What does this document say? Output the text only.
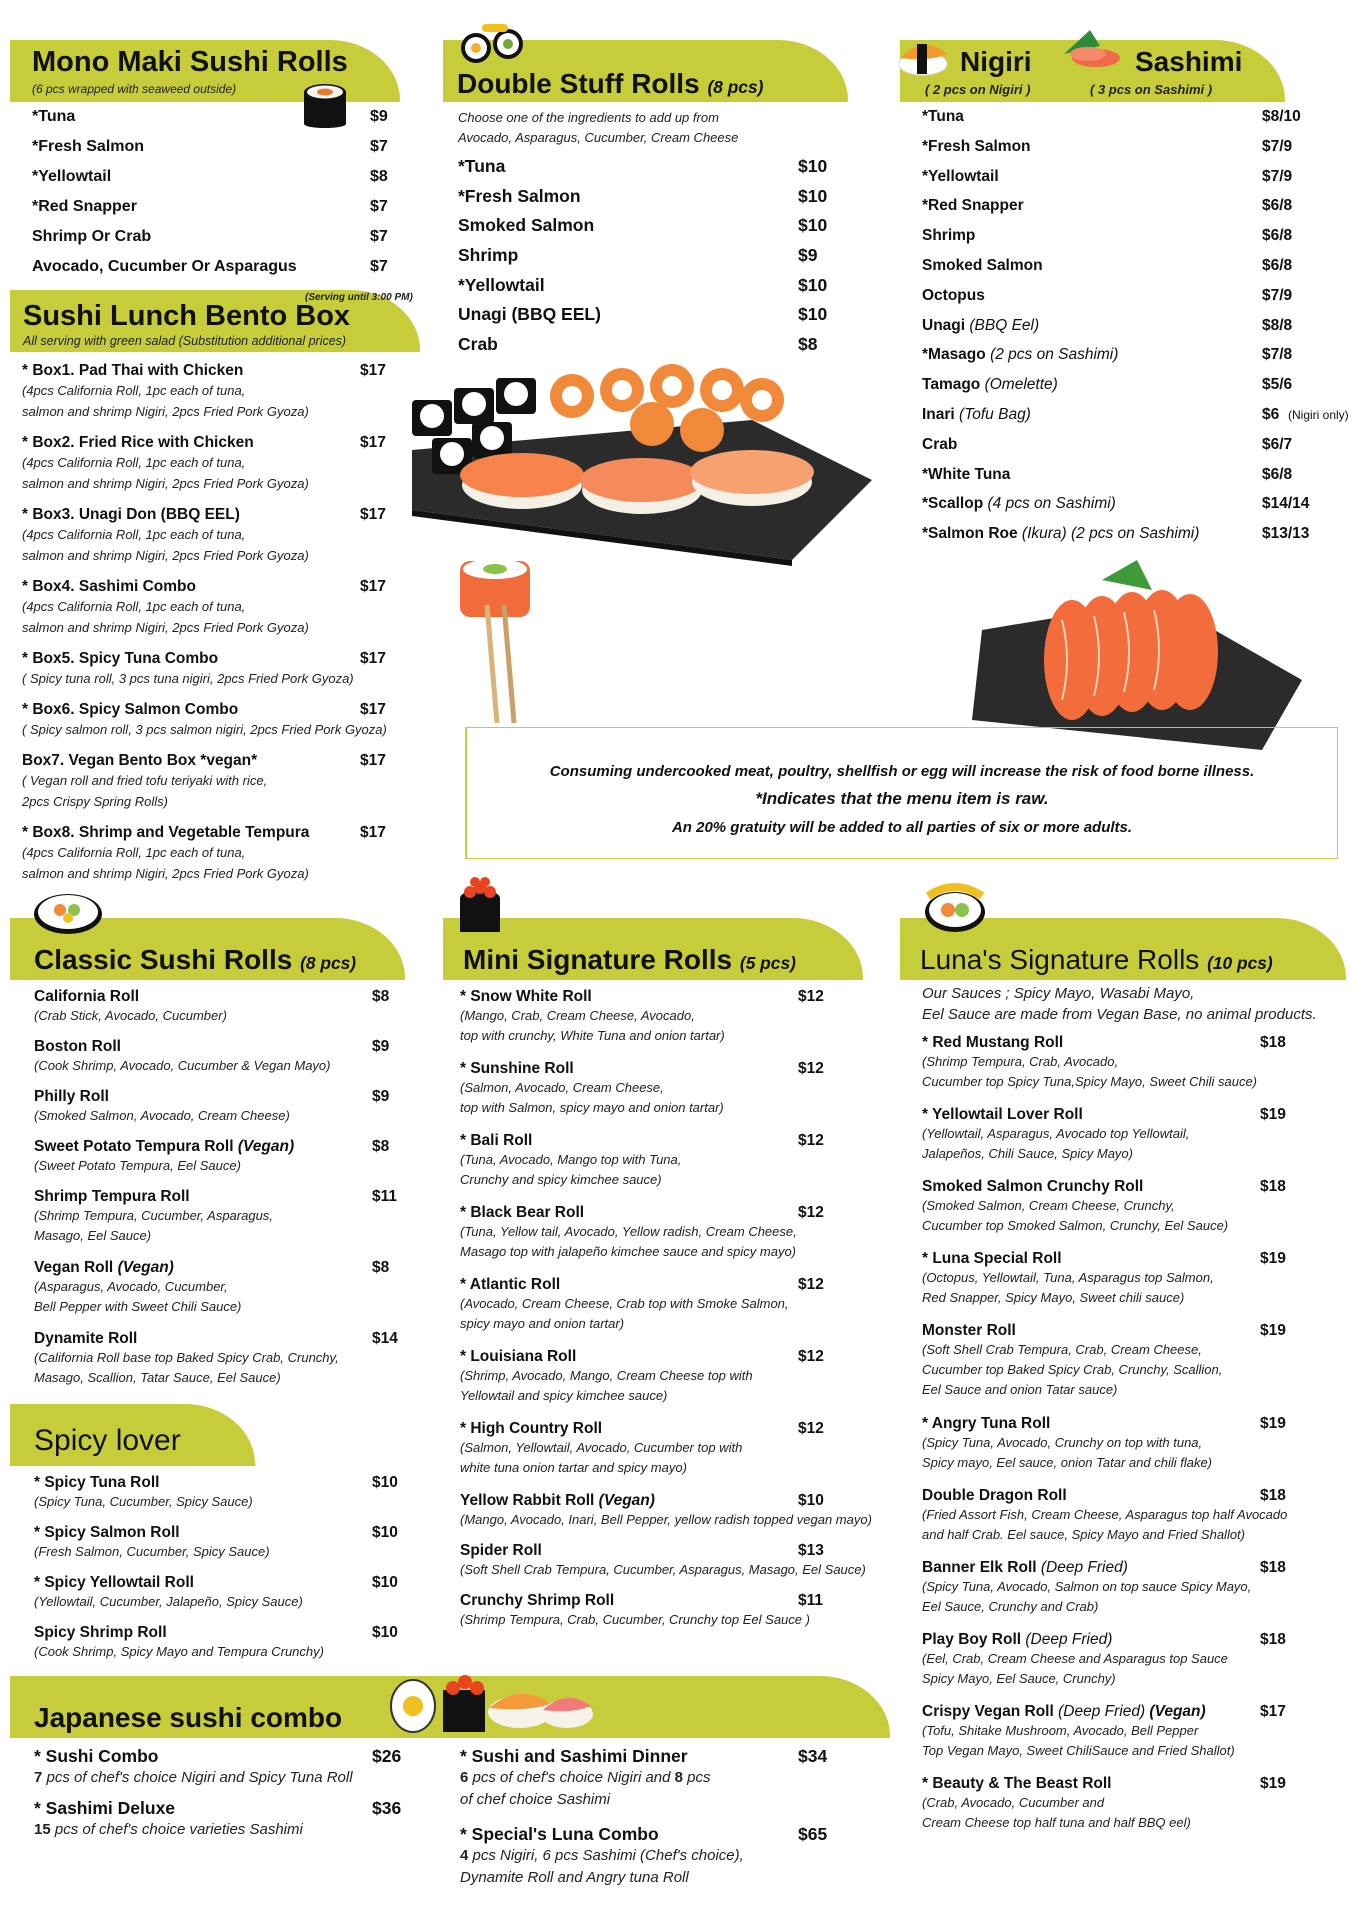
Mono Maki Sushi Rolls
(6 pcs wrapped with seaweed outside)
*Tuna	$9
*Fresh Salmon	$7
*Yellowtail	$8
*Red Snapper	$7
Shrimp Or Crab	$7
Avocado, Cucumber Or Asparagus	$7
Sushi Lunch Bento Box
(Serving until 3:00 PM)
All serving with green salad (Substitution additional prices)
* Box1. Pad Thai with Chicken	$17
(4pcs California Roll, 1pc each of tuna,
salmon and shrimp Nigiri, 2pcs Fried Pork Gyoza)
* Box2. Fried Rice with Chicken	$17
(4pcs California Roll, 1pc each of tuna,
salmon and shrimp Nigiri, 2pcs Fried Pork Gyoza)
* Box3. Unagi Don (BBQ EEL)	$17
(4pcs California Roll, 1pc each of tuna,
salmon and shrimp Nigiri, 2pcs Fried Pork Gyoza)
* Box4. Sashimi Combo	$17
(4pcs California Roll, 1pc each of tuna,
salmon and shrimp Nigiri, 2pcs Fried Pork Gyoza)
* Box5. Spicy Tuna Combo	$17
( Spicy tuna roll, 3 pcs tuna nigiri, 2pcs Fried Pork Gyoza)
* Box6. Spicy Salmon Combo	$17
( Spicy salmon roll, 3 pcs salmon nigiri, 2pcs Fried Pork Gyoza)
Box7. Vegan Bento Box *vegan*	$17
( Vegan roll and fried tofu teriyaki with rice,
2pcs Crispy Spring Rolls)
* Box8. Shrimp and Vegetable Tempura	$17
(4pcs California Roll, 1pc each of tuna,
salmon and shrimp Nigiri, 2pcs Fried Pork Gyoza)
Double Stuff Rolls (8 pcs)
Choose one of the ingredients to add up from
Avocado, Asparagus, Cucumber, Cream Cheese
*Tuna	$10
*Fresh Salmon	$10
Smoked Salmon	$10
Shrimp	$9
*Yellowtail	$10
Unagi (BBQ EEL)	$10
Crab	$8
Nigiri	Sashimi
( 2 pcs on Nigiri )	( 3 pcs on Sashimi )
*Tuna	$8/10
*Fresh Salmon	$7/9
*Yellowtail	$7/9
*Red Snapper	$6/8
Shrimp	$6/8
Smoked Salmon	$6/8
Octopus	$7/9
Unagi (BBQ Eel)	$8/8
*Masago (2 pcs on Sashimi)	$7/8
Tamago (Omelette)	$5/6
Inari (Tofu Bag)	$6 (Nigiri only)
Crab	$6/7
*White Tuna	$6/8
*Scallop (4 pcs on Sashimi)	$14/14
*Salmon Roe (Ikura) (2 pcs on Sashimi)	$13/13

Consuming undercooked meat, poultry, shellfish or egg will increase the risk of food borne illness.

*Indicates that the menu item is raw.

An 20% gratuity will be added to all parties of six or more adults.

Classic Sushi Rolls (8 pcs)
California Roll	$8
(Crab Stick, Avocado, Cucumber)
Boston Roll	$9
(Cook Shrimp, Avocado, Cucumber & Vegan Mayo)
Philly Roll	$9
(Smoked Salmon, Avocado, Cream Cheese)
Sweet Potato Tempura Roll (Vegan)	$8
(Sweet Potato Tempura, Eel Sauce)
Shrimp Tempura Roll	$11
(Shrimp Tempura, Cucumber, Asparagus,
Masago, Eel Sauce)
Vegan Roll (Vegan)	$8
(Asparagus, Avocado, Cucumber,
Bell Pepper with Sweet Chili Sauce)
Dynamite Roll	$14
(California Roll base top Baked Spicy Crab, Crunchy,
Masago, Scallion, Tatar Sauce, Eel Sauce)
Spicy lover
* Spicy Tuna Roll	$10
(Spicy Tuna, Cucumber, Spicy Sauce)
* Spicy Salmon Roll	$10
(Fresh Salmon, Cucumber, Spicy Sauce)
* Spicy Yellowtail Roll	$10
(Yellowtail, Cucumber, Jalapeño, Spicy Sauce)
Spicy Shrimp Roll	$10
(Cook Shrimp, Spicy Mayo and Tempura Crunchy)
Mini Signature Rolls (5 pcs)
* Snow White Roll	$12
(Mango, Crab, Cream Cheese, Avocado,
top with crunchy, White Tuna and onion tartar)
* Sunshine Roll	$12
(Salmon, Avocado, Cream Cheese,
top with Salmon, spicy mayo and onion tartar)
* Bali Roll	$12
(Tuna, Avocado, Mango top with Tuna,
Crunchy and spicy kimchee sauce)
* Black Bear Roll	$12
(Tuna, Yellow tail, Avocado, Yellow radish, Cream Cheese,
Masago top with jalapeño kimchee sauce and spicy mayo)
* Atlantic Roll	$12
(Avocado, Cream Cheese, Crab top with Smoke Salmon,
spicy mayo and onion tartar)
* Louisiana Roll	$12
(Shrimp, Avocado, Mango, Cream Cheese top with
Yellowtail and spicy kimchee sauce)
* High Country Roll	$12
(Salmon, Yellowtail, Avocado, Cucumber top with
white tuna onion tartar and spicy mayo)
Yellow Rabbit Roll (Vegan)	$10
(Mango, Avocado, Inari, Bell Pepper, yellow radish topped vegan mayo)
Spider Roll	$13
(Soft Shell Crab Tempura, Cucumber, Asparagus, Masago, Eel Sauce)
Crunchy Shrimp Roll	$11
(Shrimp Tempura, Crab, Cucumber, Crunchy top Eel Sauce )
Luna's Signature Rolls (10 pcs)
Our Sauces ; Spicy Mayo, Wasabi Mayo,
Eel Sauce are made from Vegan Base, no animal products.
* Red Mustang Roll	$18
(Shrimp Tempura, Crab, Avocado,
Cucumber top Spicy Tuna,Spicy Mayo, Sweet Chili sauce)
* Yellowtail Lover Roll	$19
(Yellowtail, Asparagus, Avocado top Yellowtail,
Jalapeños, Chili Sauce, Spicy Mayo)
Smoked Salmon Crunchy Roll	$18
(Smoked Salmon, Cream Cheese, Crunchy,
Cucumber top Smoked Salmon, Crunchy, Eel Sauce)
* Luna Special Roll	$19
(Octopus, Yellowtail, Tuna, Asparagus top Salmon,
Red Snapper, Spicy Mayo, Sweet chili sauce)
Monster Roll	$19
(Soft Shell Crab Tempura, Crab, Cream Cheese,
Cucumber top Baked Spicy Crab, Crunchy, Scallion,
Eel Sauce and onion Tatar sauce)
* Angry Tuna Roll	$19
(Spicy Tuna, Avocado, Crunchy on top with tuna,
Spicy mayo, Eel sauce, onion Tatar and chili flake)
Double Dragon Roll	$18
(Fried Assort Fish, Cream Cheese, Asparagus top half Avocado
and half Crab. Eel sauce, Spicy Mayo and Fried Shallot)
Banner Elk Roll (Deep Fried)	$18
(Spicy Tuna, Avocado, Salmon on top sauce Spicy Mayo,
Eel Sauce, Crunchy and Crab)
Play Boy Roll (Deep Fried)	$18
(Eel, Crab, Cream Cheese and Asparagus top Sauce
Spicy Mayo, Eel Sauce, Crunchy)
Crispy Vegan Roll (Deep Fried) (Vegan)	$17
(Tofu, Shitake Mushroom, Avocado, Bell Pepper
Top Vegan Mayo, Sweet ChiliSauce and Fried Shallot)
* Beauty & The Beast Roll	$19
(Crab, Avocado, Cucumber and
Cream Cheese top half tuna and half BBQ eel)
Japanese sushi combo
* Sushi Combo	$26
7 pcs of chef's choice Nigiri and Spicy Tuna Roll
* Sashimi Deluxe	$36
15 pcs of chef's choice varieties Sashimi
* Sushi and Sashimi Dinner	$34
6 pcs of chef's choice Nigiri and 8 pcs
of chef choice Sashimi
* Special's Luna Combo	$65
4 pcs Nigiri, 6 pcs Sashimi (Chef's choice),
Dynamite Roll and Angry tuna Roll
